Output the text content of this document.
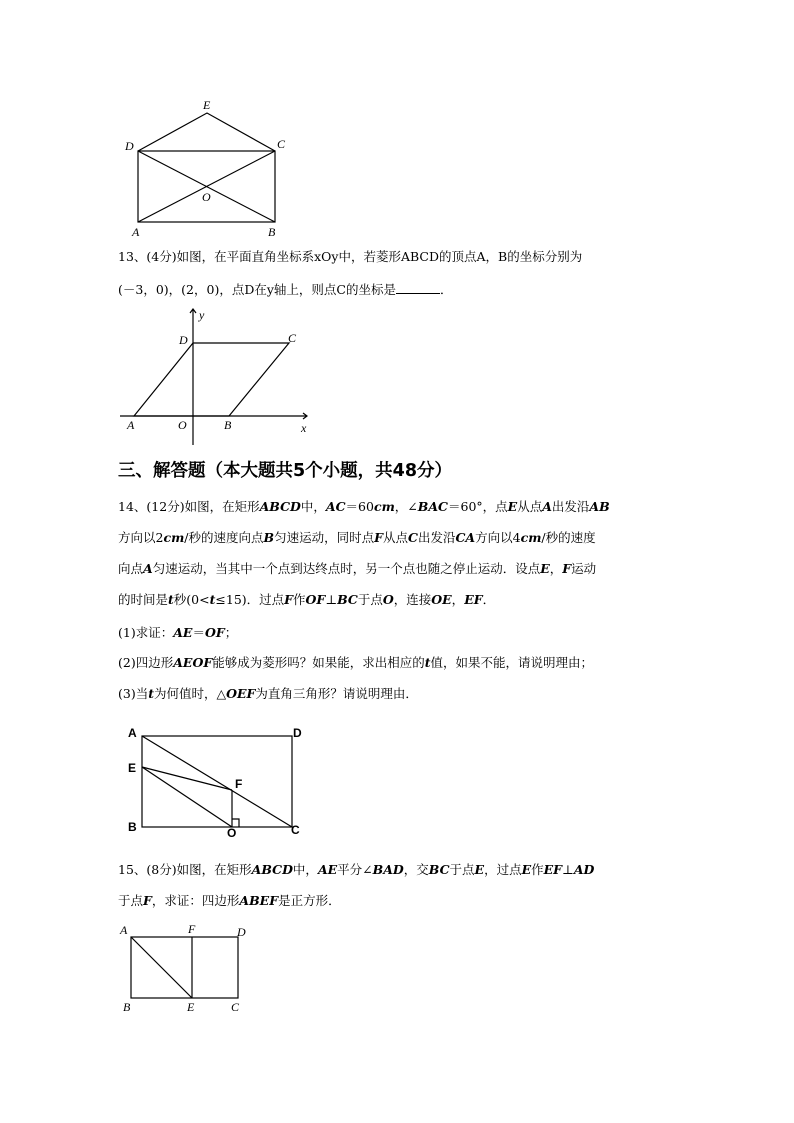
E
D	C
O
A	B
13、(4分)如图，在平面直角坐标系xOy中，若菱形ABCD的顶点A，B的坐标分别为
(－3，0)，(2，0)，点D在y轴上，则点C的坐标是	．
y
x
D	C
A	O	B
三、解答题（本大题共5个小题，共48分）
14、(12分)如图，在矩形ABCD中，AC＝60cm，∠BAC＝60°，点E从点A出发沿AB
方向以2cm/秒的速度向点B匀速运动，同时点F从点C出发沿CA方向以4cm/秒的速度
向点A匀速运动，当其中一个点到达终点时，另一个点也随之停止运动．设点E，F运动
的时间是t秒(0<t≤15)．过点F作OF⊥BC于点O，连接OE，EF．
(1)求证：AE＝OF；
(2)四边形AEOF能够成为菱形吗？如果能，求出相应的t值，如果不能，请说明理由；
(3)当t为何值时，△OEF为直角三角形？请说明理由．
A	D
E
F
B	O	C
15、(8分)如图，在矩形ABCD中，AE平分∠BAD，交BC于点E，过点E作EF⊥AD
于点F，求证：四边形ABEF是正方形．
A	F	D
B	E	C
